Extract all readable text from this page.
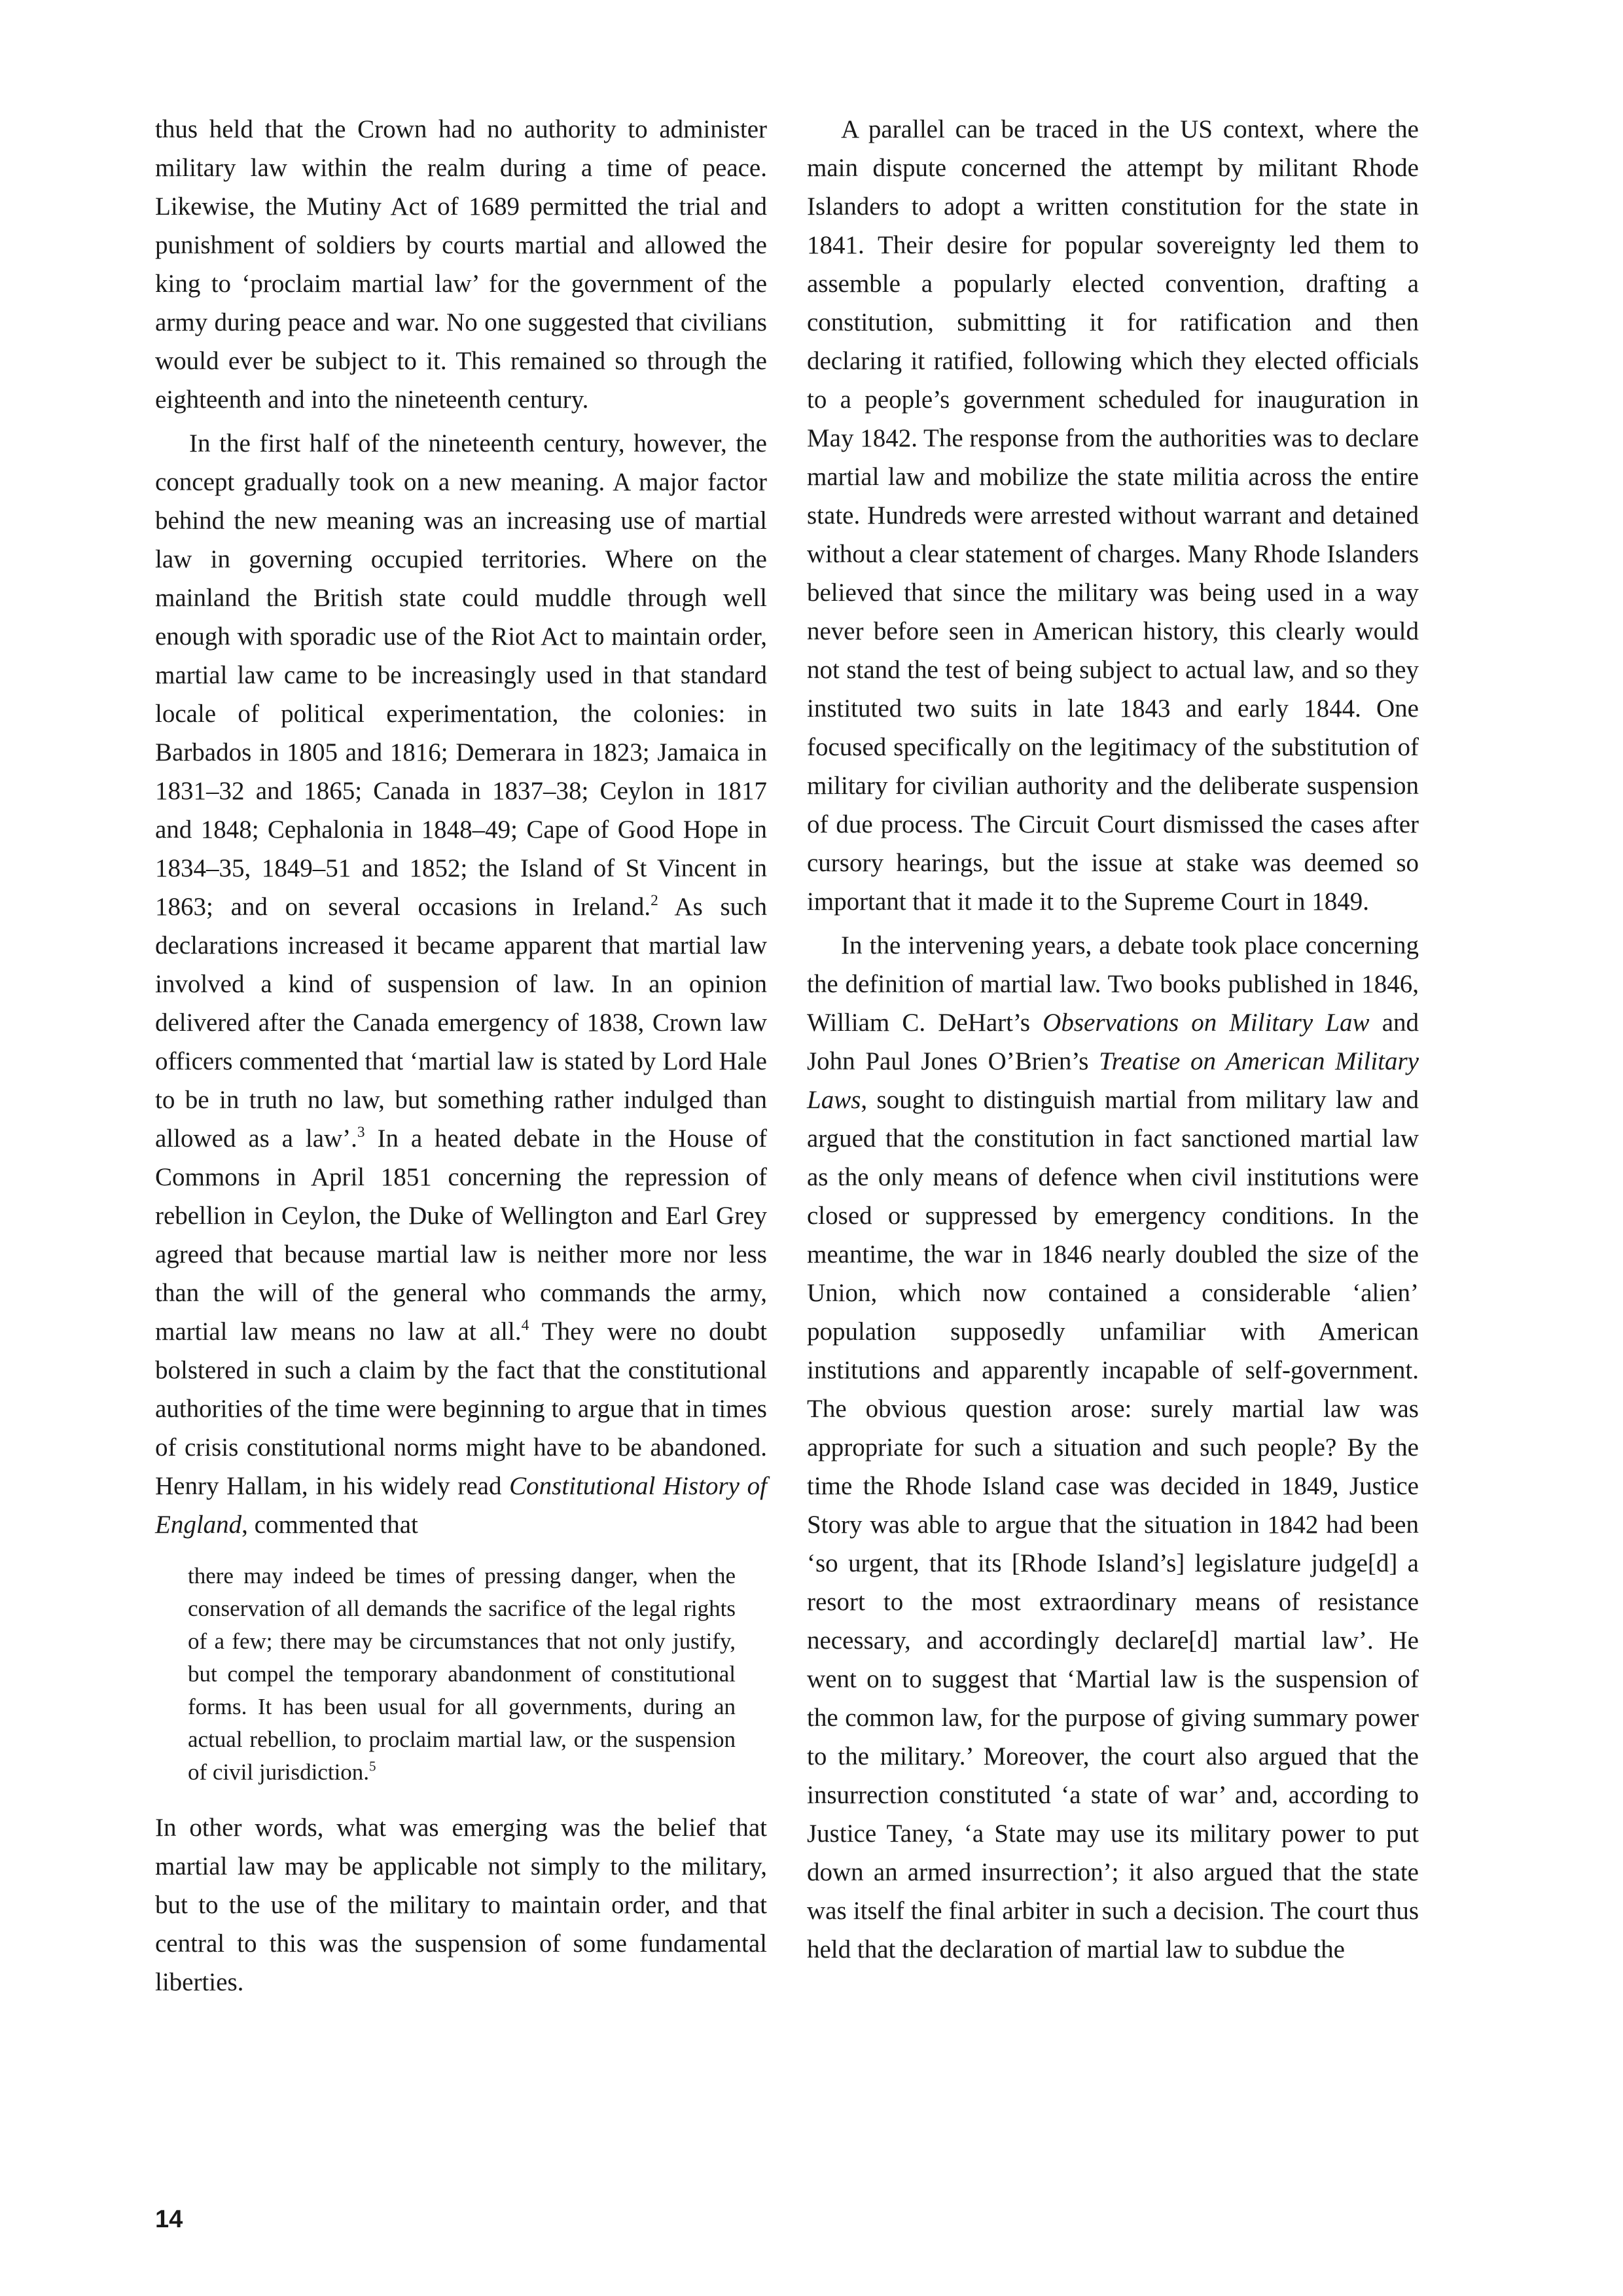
thus held that the Crown had no authority to administer military law within the realm during a time of peace. Likewise, the Mutiny Act of 1689 permitted the trial and punishment of soldiers by courts martial and allowed the king to ‘proclaim martial law’ for the government of the army during peace and war. No one suggested that civilians would ever be subject to it. This remained so through the eighteenth and into the nineteenth century.

In the first half of the nineteenth century, however, the concept gradually took on a new meaning. A major factor behind the new meaning was an increasing use of martial law in governing occupied territories. Where on the mainland the British state could muddle through well enough with sporadic use of the Riot Act to maintain order, martial law came to be increasingly used in that standard locale of political experimentation, the colonies: in Barbados in 1805 and 1816; Demerara in 1823; Jamaica in 1831–32 and 1865; Canada in 1837–38; Ceylon in 1817 and 1848; Cephalonia in 1848–49; Cape of Good Hope in 1834–35, 1849–51 and 1852; the Island of St Vincent in 1863; and on several occasions in Ireland.$^2$ As such declarations increased it became apparent that martial law involved a kind of suspension of law. In an opinion delivered after the Canada emergency of 1838, Crown law officers commented that ‘martial law is stated by Lord Hale to be in truth no law, but something rather indulged than allowed as a law’.$^3$ In a heated debate in the House of Commons in April 1851 concerning the repression of rebellion in Ceylon, the Duke of Wellington and Earl Grey agreed that because martial law is neither more nor less than the will of the general who commands the army, martial law means no law at all.$^4$ They were no doubt bolstered in such a claim by the fact that the constitutional authorities of the time were beginning to argue that in times of crisis constitutional norms might have to be abandoned. Henry Hallam, in his widely read Constitutional History of England, commented that

there may indeed be times of pressing danger, when the conservation of all demands the sacrifice of the legal rights of a few; there may be circumstances that not only justify, but compel the temporary abandonment of constitutional forms. It has been usual for all governments, during an actual rebellion, to proclaim martial law, or the suspension of civil jurisdiction.$^5$

In other words, what was emerging was the belief that martial law may be applicable not simply to the military, but to the use of the military to maintain order, and that central to this was the suspension of some fundamental liberties.

A parallel can be traced in the US context, where the main dispute concerned the attempt by militant Rhode Islanders to adopt a written constitution for the state in 1841. Their desire for popular sovereignty led them to assemble a popularly elected convention, drafting a constitution, submitting it for ratification and then declaring it ratified, following which they elected officials to a people’s government scheduled for inauguration in May 1842. The response from the authorities was to declare martial law and mobilize the state militia across the entire state. Hundreds were arrested without warrant and detained without a clear statement of charges. Many Rhode Islanders believed that since the military was being used in a way never before seen in American history, this clearly would not stand the test of being subject to actual law, and so they instituted two suits in late 1843 and early 1844. One focused specifically on the legitimacy of the substitution of military for civilian authority and the deliberate suspension of due process. The Circuit Court dismissed the cases after cursory hearings, but the issue at stake was deemed so important that it made it to the Supreme Court in 1849.

In the intervening years, a debate took place concerning the definition of martial law. Two books published in 1846, William C. DeHart’s Observations on Military Law and John Paul Jones O’Brien’s Treatise on American Military Laws, sought to distinguish martial from military law and argued that the constitution in fact sanctioned martial law as the only means of defence when civil institutions were closed or suppressed by emergency conditions. In the meantime, the war in 1846 nearly doubled the size of the Union, which now contained a considerable ‘alien’ population supposedly unfamiliar with American institutions and apparently incapable of self-government. The obvious question arose: surely martial law was appropriate for such a situation and such people? By the time the Rhode Island case was decided in 1849, Justice Story was able to argue that the situation in 1842 had been ‘so urgent, that its [Rhode Island’s] legislature judge[d] a resort to the most extraordinary means of resistance necessary, and accordingly declare[d] martial law’. He went on to suggest that ‘Martial law is the suspension of the common law, for the purpose of giving summary power to the military.’ Moreover, the court also argued that the insurrection constituted ‘a state of war’ and, according to Justice Taney, ‘a State may use its military power to put down an armed insurrection’; it also argued that the state was itself the final arbiter in such a decision. The court thus held that the declaration of martial law to subdue the

14
